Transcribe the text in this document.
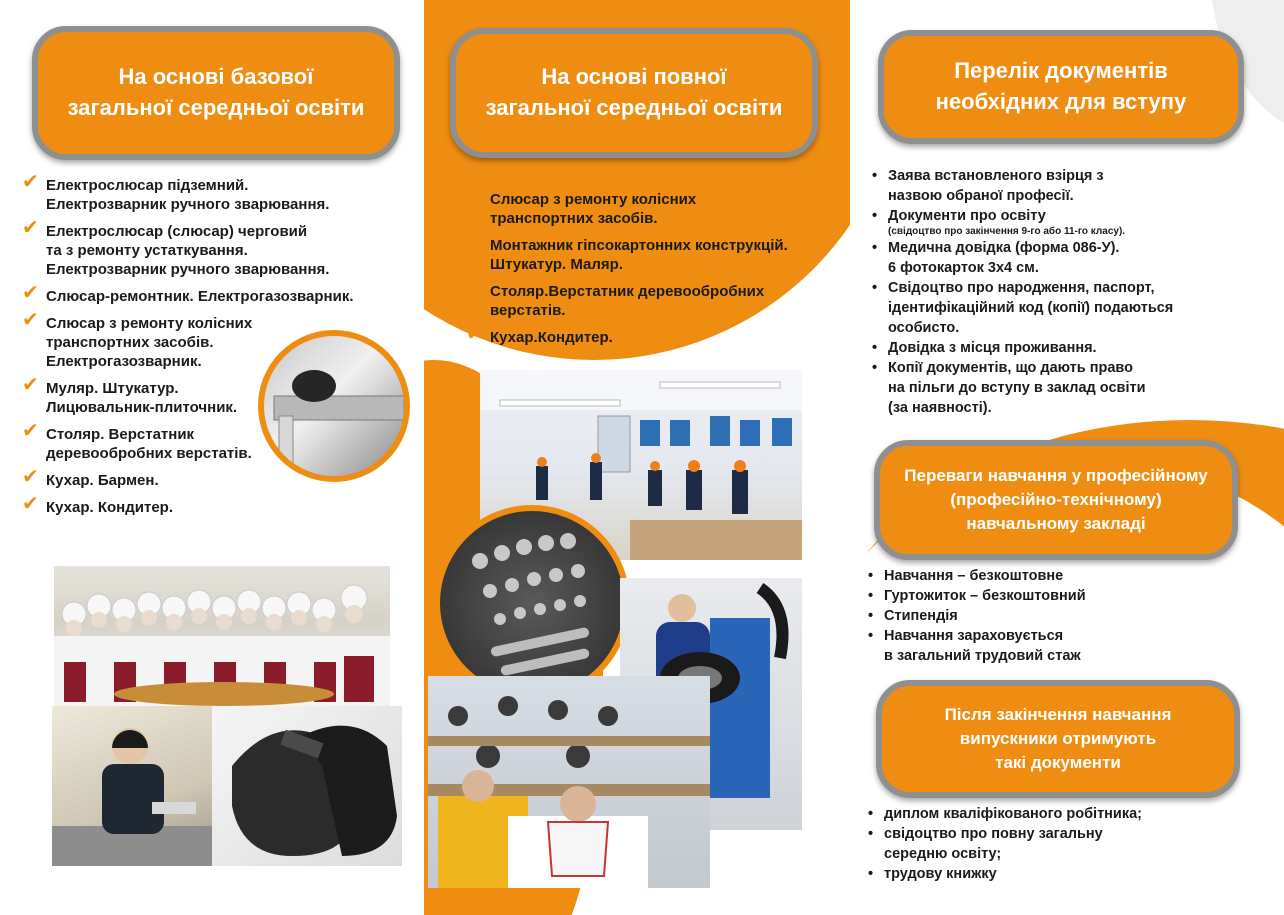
На основі базової
загальної середньої освіти
✔ Електрослюсар підземний.
Електрозварник ручного зварювання.
✔ Електрослюсар (слюсар) черговий
та з ремонту устаткування.
Електрозварник ручного зварювання.
✔ Слюсар-ремонтник. Електрогазозварник.
✔ Слюсар з ремонту колісних
транспортних засобів.
Електрогазозварник.
✔ Муляр. Штукатур.
Лицювальник-плиточник.
✔ Столяр. Верстатник
деревообробних верстатів.
✔ Кухар. Бармен.
✔ Кухар. Кондитер.
На основі повної
загальної середньої освіти
✔ Слюсар з ремонту колісних
транспортних засобів.
✔ Монтажник гіпсокартонних конструкцій.
Штукатур. Маляр.
✔ Столяр.Верстатник деревообробних
верстатів.
✔ Кухар.Кондитер.
Перелік документів
необхідних для вступу
• Заява встановленого взірця з
назвою обраної професії.
• Документи про освіту
(свідоцтво про закінчення 9-го або 11-го класу).
• Медична довідка (форма 086-У).
6 фотокарток 3x4 см.
• Свідоцтво про народження, паспорт,
ідентифікаційний код (копії) подаються
особисто.
• Довідка з місця проживання.
• Копії документів, що дають право
на пільги до вступу в заклад освіти
(за наявності).
Переваги навчання у професійному
(професійно-технічному)
навчальному закладі
• Навчання – безкоштовне
• Гуртожиток – безкоштовний
• Стипендія
• Навчання зараховується
в загальний трудовий стаж
Після закінчення навчання
випускники отримують
такі документи
• диплом кваліфікованого робітника;
• свідоцтво про повну загальну
середню освіту;
• трудову книжку
